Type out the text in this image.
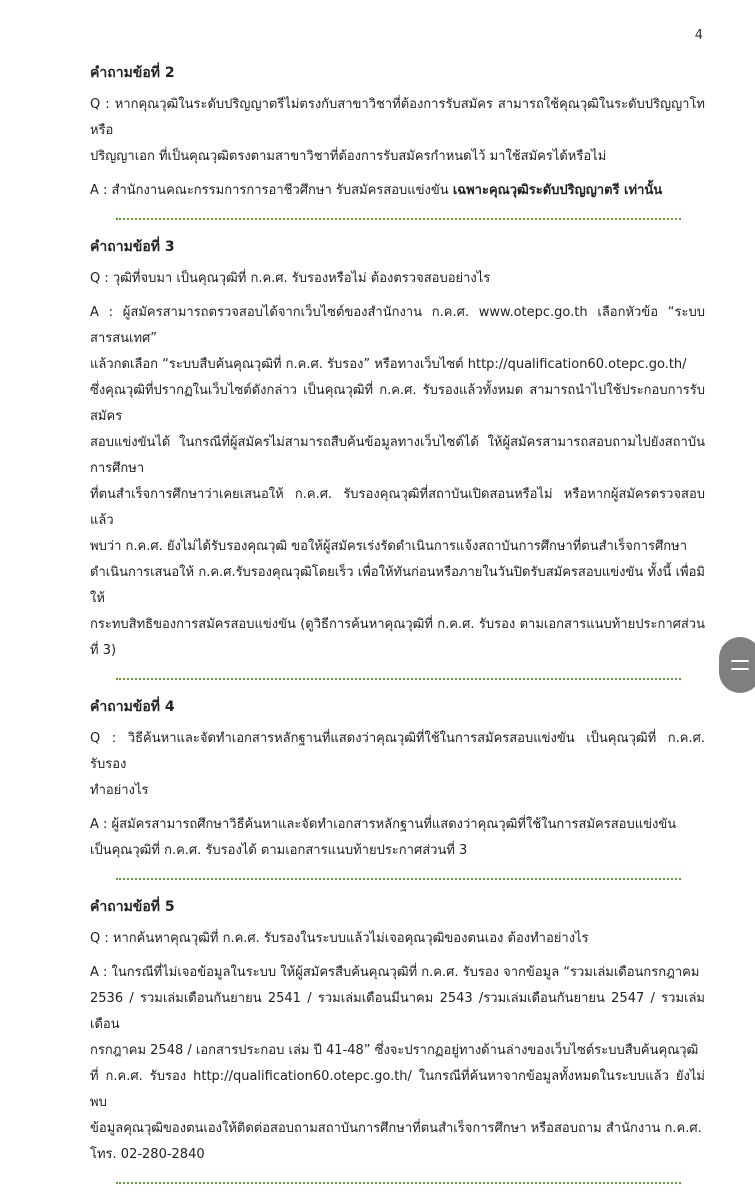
4

คำถามข้อที่ 2

Q : หากคุณวุฒิในระดับปริญญาตรีไม่ตรงกับสาขาวิชาที่ต้องการรับสมัคร สามารถใช้คุณวุฒิในระดับปริญญาโท หรือ

ปริญญาเอก ที่เป็นคุณวุฒิตรงตามสาขาวิชาที่ต้องการรับสมัครกำหนดไว้ มาใช้สมัครได้หรือไม่

A : สำนักงานคณะกรรมการการอาชีวศึกษา รับสมัครสอบแข่งขัน เฉพาะคุณวุฒิระดับปริญญาตรี เท่านั้น

คำถามข้อที่ 3

Q : วุฒิที่จบมา เป็นคุณวุฒิที่ ก.ค.ศ. รับรองหรือไม่ ต้องตรวจสอบอย่างไร

A : ผู้สมัครสามารถตรวจสอบได้จากเว็บไซต์ของสำนักงาน ก.ค.ศ. www.otepc.go.th เลือกหัวข้อ “ระบบสารสนเทศ”

แล้วกดเลือก “ระบบสืบค้นคุณวุฒิที่ ก.ค.ศ. รับรอง” หรือทางเว็บไซต์ http://qualification60.otepc.go.th/

ซึ่งคุณวุฒิที่ปรากฏในเว็บไซต์ดังกล่าว เป็นคุณวุฒิที่ ก.ค.ศ. รับรองแล้วทั้งหมด สามารถนำไปใช้ประกอบการรับสมัคร

สอบแข่งขันได้ ในกรณีที่ผู้สมัครไม่สามารถสืบค้นข้อมูลทางเว็บไซต์ได้ ให้ผู้สมัครสามารถสอบถามไปยังสถาบันการศึกษา

ที่ตนสำเร็จการศึกษาว่าเคยเสนอให้ ก.ค.ศ. รับรองคุณวุฒิที่สถาบันเปิดสอนหรือไม่ หรือหากผู้สมัครตรวจสอบแล้ว

พบว่า ก.ค.ศ. ยังไม่ได้รับรองคุณวุฒิ ขอให้ผู้สมัครเร่งรัดดำเนินการแจ้งสถาบันการศึกษาที่ตนสำเร็จการศึกษา

ดำเนินการเสนอให้ ก.ค.ศ.รับรองคุณวุฒิโดยเร็ว เพื่อให้ทันก่อนหรือภายในวันปิดรับสมัครสอบแข่งขัน ทั้งนี้ เพื่อมิให้

กระทบสิทธิของการสมัครสอบแข่งขัน (ดูวิธีการค้นหาคุณวุฒิที่ ก.ค.ศ. รับรอง ตามเอกสารแนบท้ายประกาศส่วนที่ 3)

คำถามข้อที่ 4

Q : วิธีค้นหาและจัดทำเอกสารหลักฐานที่แสดงว่าคุณวุฒิที่ใช้ในการสมัครสอบแข่งขัน เป็นคุณวุฒิที่ ก.ค.ศ. รับรอง

ทำอย่างไร

A : ผู้สมัครสามารถศึกษาวิธีค้นหาและจัดทำเอกสารหลักฐานที่แสดงว่าคุณวุฒิที่ใช้ในการสมัครสอบแข่งขัน

เป็นคุณวุฒิที่ ก.ค.ศ. รับรองได้ ตามเอกสารแนบท้ายประกาศส่วนที่ 3

คำถามข้อที่ 5

Q : หากค้นหาคุณวุฒิที่ ก.ค.ศ. รับรองในระบบแล้วไม่เจอคุณวุฒิของตนเอง ต้องทำอย่างไร

A : ในกรณีที่ไม่เจอข้อมูลในระบบ ให้ผู้สมัครสืบค้นคุณวุฒิที่ ก.ค.ศ. รับรอง จากข้อมูล “รวมเล่มเดือนกรกฎาคม

2536 / รวมเล่มเดือนกันยายน 2541 / รวมเล่มเดือนมีนาคม 2543 /รวมเล่มเดือนกันยายน 2547 / รวมเล่มเดือน

กรกฎาคม 2548 / เอกสารประกอบ เล่ม ปี 41-48” ซึ่งจะปรากฏอยู่ทางด้านล่างของเว็บไซต์ระบบสืบค้นคุณวุฒิ

ที่ ก.ค.ศ. รับรอง http://qualification60.otepc.go.th/ ในกรณีที่ค้นหาจากข้อมูลทั้งหมดในระบบแล้ว ยังไม่พบ

ข้อมูลคุณวุฒิของตนเองให้ติดต่อสอบถามสถาบันการศึกษาที่ตนสำเร็จการศึกษา หรือสอบถาม สำนักงาน ก.ค.ศ.

โทร. 02-280-2840
